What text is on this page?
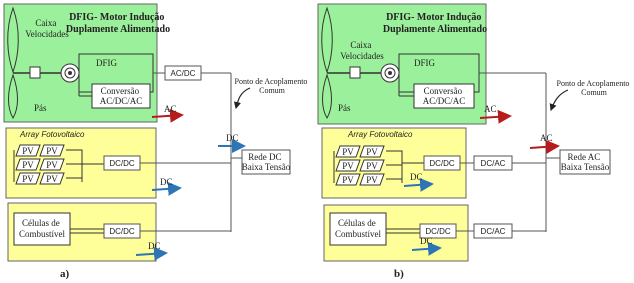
DFIG- Motor Indução Duplamente Alimentado
Caixa Velocidades
DFIG
Conversão AC/DC/AC
Pás
AC/DC
AC
Ponto de Acoplamento Comum
Array Fotovoltaico
PV PV
PV PV
PV PV
DC/DC
DC
Rede DC Baixa Tensão
DC
Células de Combustível	DC/DC
DC
a)
DFIG- Motor Indução Duplamente Alimentado
Caixa Velocidades
DFIG
Conversão AC/DC/AC
Pás	AC
Ponto de Acoplamento Comum
AC
Array Fotovoltaico
PV PV
PV PV
PV PV
DC/DC	DC/AC
DC
Rede AC Baixa Tensão
Células de Combustível	DC/DC	DC/AC
DC
b)
